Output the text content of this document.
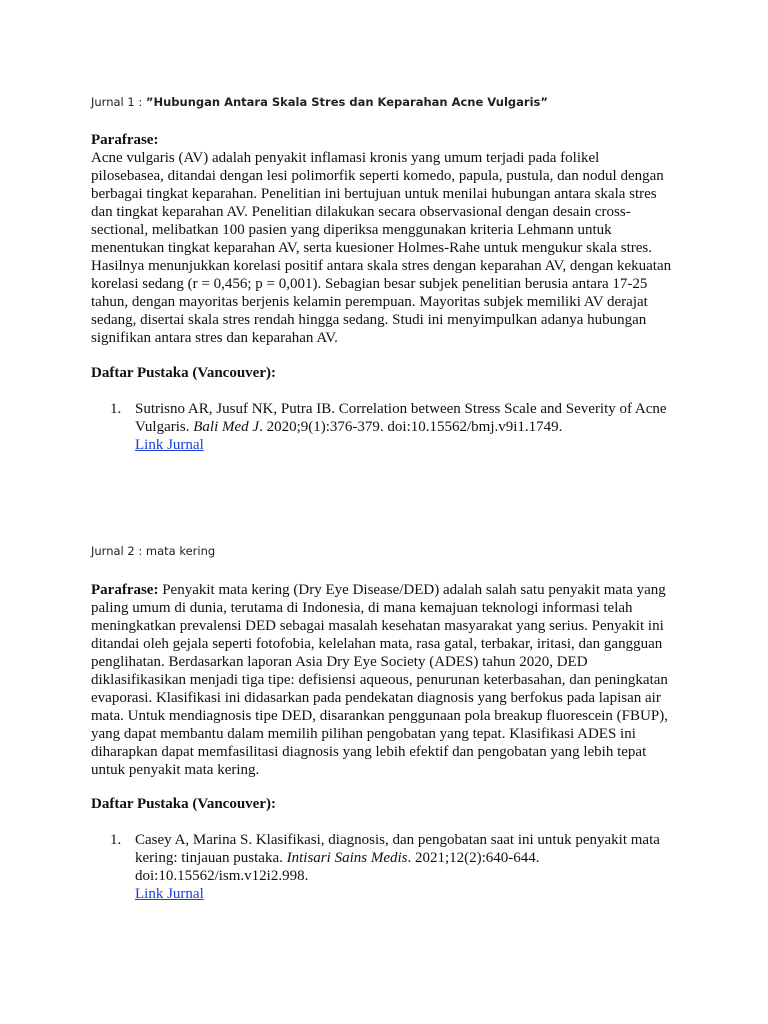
Jurnal 1 : ”Hubungan Antara Skala Stres dan Keparahan Acne Vulgaris”
Parafrase:
Acne vulgaris (AV) adalah penyakit inflamasi kronis yang umum terjadi pada folikel
pilosebasea, ditandai dengan lesi polimorfik seperti komedo, papula, pustula, dan nodul dengan
berbagai tingkat keparahan. Penelitian ini bertujuan untuk menilai hubungan antara skala stres
dan tingkat keparahan AV. Penelitian dilakukan secara observasional dengan desain cross-
sectional, melibatkan 100 pasien yang diperiksa menggunakan kriteria Lehmann untuk
menentukan tingkat keparahan AV, serta kuesioner Holmes-Rahe untuk mengukur skala stres.
Hasilnya menunjukkan korelasi positif antara skala stres dengan keparahan AV, dengan kekuatan
korelasi sedang (r = 0,456; p = 0,001). Sebagian besar subjek penelitian berusia antara 17-25
tahun, dengan mayoritas berjenis kelamin perempuan. Mayoritas subjek memiliki AV derajat
sedang, disertai skala stres rendah hingga sedang. Studi ini menyimpulkan adanya hubungan
signifikan antara stres dan keparahan AV.
Daftar Pustaka (Vancouver):
1. Sutrisno AR, Jusuf NK, Putra IB. Correlation between Stress Scale and Severity of Acne
Vulgaris. Bali Med J. 2020;9(1):376-379. doi:10.15562/bmj.v9i1.1749.
Link Jurnal
Jurnal 2 : mata kering
Parafrase: Penyakit mata kering (Dry Eye Disease/DED) adalah salah satu penyakit mata yang
paling umum di dunia, terutama di Indonesia, di mana kemajuan teknologi informasi telah
meningkatkan prevalensi DED sebagai masalah kesehatan masyarakat yang serius. Penyakit ini
ditandai oleh gejala seperti fotofobia, kelelahan mata, rasa gatal, terbakar, iritasi, dan gangguan
penglihatan. Berdasarkan laporan Asia Dry Eye Society (ADES) tahun 2020, DED
diklasifikasikan menjadi tiga tipe: defisiensi aqueous, penurunan keterbasahan, dan peningkatan
evaporasi. Klasifikasi ini didasarkan pada pendekatan diagnosis yang berfokus pada lapisan air
mata. Untuk mendiagnosis tipe DED, disarankan penggunaan pola breakup fluorescein (FBUP),
yang dapat membantu dalam memilih pilihan pengobatan yang tepat. Klasifikasi ADES ini
diharapkan dapat memfasilitasi diagnosis yang lebih efektif dan pengobatan yang lebih tepat
untuk penyakit mata kering.
Daftar Pustaka (Vancouver):
1. Casey A, Marina S. Klasifikasi, diagnosis, dan pengobatan saat ini untuk penyakit mata
kering: tinjauan pustaka. Intisari Sains Medis. 2021;12(2):640-644.
doi:10.15562/ism.v12i2.998.
Link Jurnal
